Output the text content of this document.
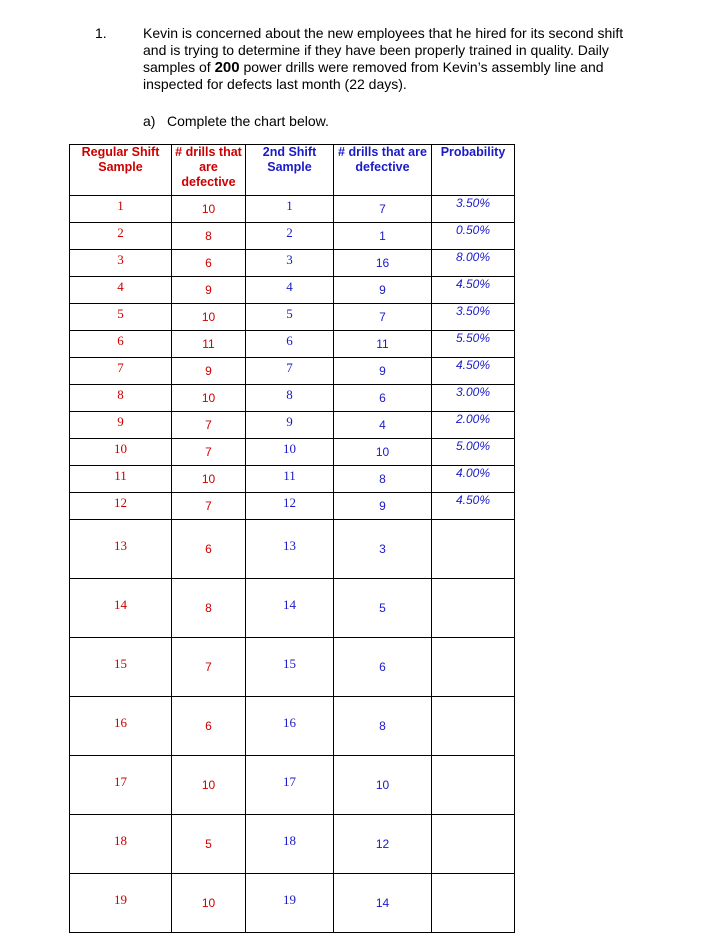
1.	Kevin is concerned about the new employees that he hired for its second shift and is trying to determine if they have been properly trained in quality. Daily samples of 200 power drills were removed from Kevin’s assembly line and inspected for defects last month (22 days).
a) Complete the chart below.
Regular Shift Sample	# drills that are defective	2nd Shift Sample	# drills that are defective	Probability
1	10	1	7	3.50%
2	8	2	1	0.50%
3	6	3	16	8.00%
4	9	4	9	4.50%
5	10	5	7	3.50%
6	11	6	11	5.50%
7	9	7	9	4.50%
8	10	8	6	3.00%
9	7	9	4	2.00%
10	7	10	10	5.00%
11	10	11	8	4.00%
12	7	12	9	4.50%
13	6	13	3	
14	8	14	5	
15	7	15	6	
16	6	16	8	
17	10	17	10	
18	5	18	12	
19	10	19	14	
